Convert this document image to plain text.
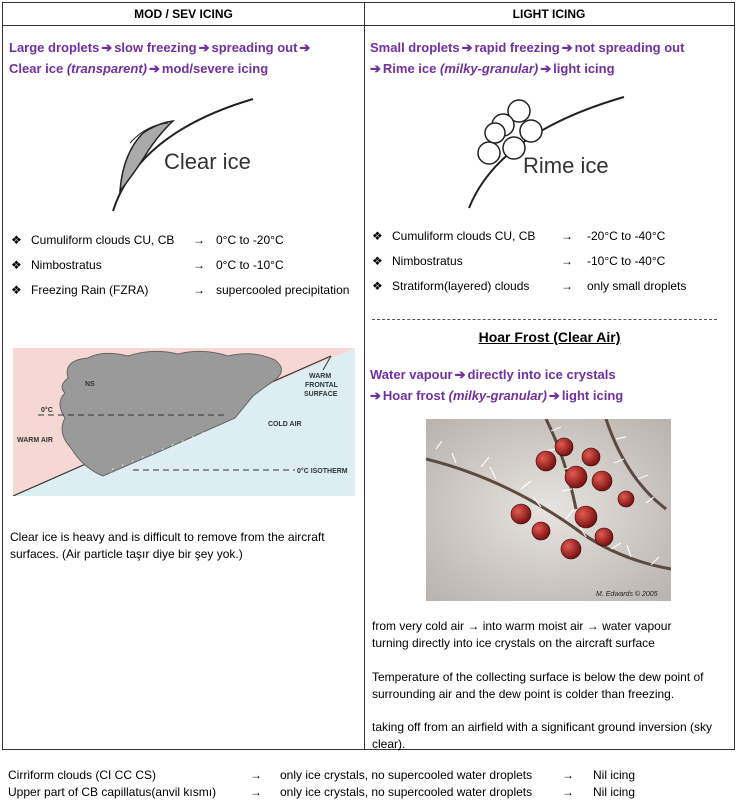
MOD / SEV ICING
Large droplets ➔ slow freezing ➔ spreading out ➔
Clear ice (transparent) ➔ mod/severe icing
Clear ice
❖ Cumuliform clouds CU, CB → 0°C to -20°C
❖ Nimbostratus	→ 0°C to -10°C
❖ Freezing Rain (FZRA)	→ supercooled precipitation
NS
0°C
WARM AIR
COLD AIR
0°C ISOTHERM
WARM FRONTAL SURFACE
Clear ice is heavy and is difficult to remove from the aircraft surfaces. (Air particle taşır diye bir şey yok.)
LIGHT ICING
Small droplets ➔ rapid freezing ➔ not spreading out
➔ Rime ice (milky-granular) ➔ light icing
Rime ice
❖ Cumuliform clouds CU, CB → -20°C to -40°C
❖ Nimbostratus	→ -10°C to -40°C
❖ Stratiform(layered) clouds	→ only small droplets
Hoar Frost (Clear Air)
Water vapour ➔ directly into ice crystals
➔ Hoar frost (milky-granular) ➔ light icing
M. Edwards © 2005
from very cold air → into warm moist air → water vapour
turning directly into ice crystals on the aircraft surface
Temperature of the collecting surface is below the dew point of surrounding air and the dew point is colder than freezing.
taking off from an airfield with a significant ground inversion (sky clear).
Cirriform clouds (CI CC CS)	→ only ice crystals, no supercooled water droplets → Nil icing
Upper part of CB capillatus(anvil kısmı)	→ only ice crystals, no supercooled water droplets → Nil icing
